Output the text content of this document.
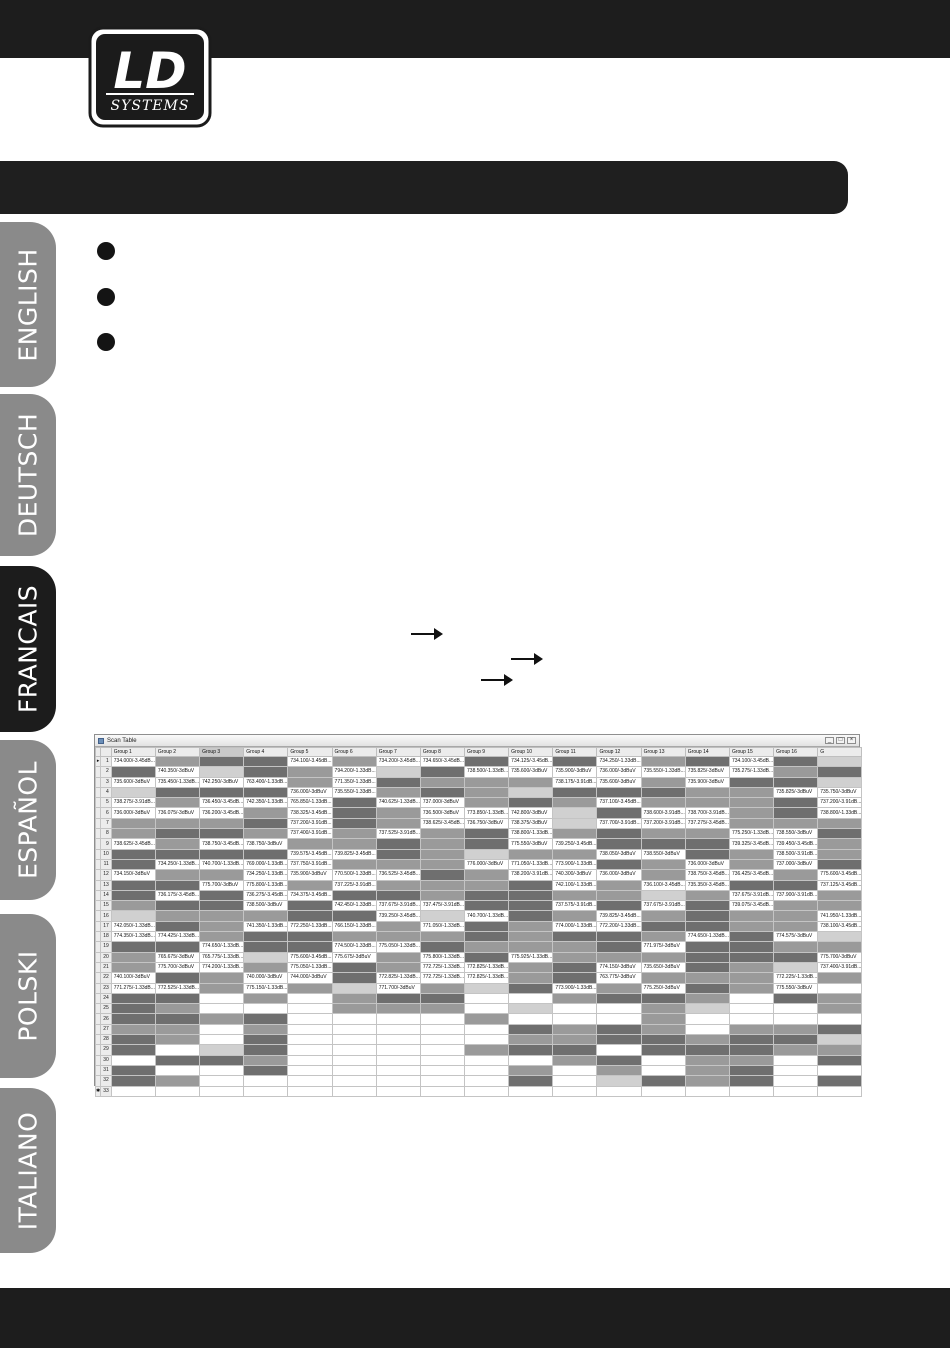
LD
SYSTEMS
ENGLISH
DEUTSCH
FRANCAIS
ESPAÑOL
POLSKI
ITALIANO
Scan Table	_	□	×
		Group 1	Group 2	Group 3	Group 4	Group 5	Group 6	Group 7	Group 8	Group 9	Group 10	Group 11	Group 12	Group 13	Group 14	Group 15	Group 16	G
▸	1	734.000/-3.45dB...				734.100/-3.45dB...		734.200/-3.45dB...	734.650/-3.45dB...		734.125/-3.45dB...		734.250/-1.33dB...			734.100/-3.45dB...		
	2		740.350/-3dBuV				794.200/-1.33dB...			738.500/-1.33dB...	735.600/-3dBuV	735.900/-3dBuV	736.000/-3dBuV	735.550/-1.33dB...	735.825/-3dBuV	735.275/-1.33dB...		
	3	735.600/-3dBuV	735.450/-1.33dB...	742.250/-3dBuV	763.400/-1.33dB...		771.350/-1.33dB...					738.175/-3.91dB...	735.600/-3dBuV		735.900/-3dBuV			
	4					736.000/-3dBuV	735.550/-1.33dB...										735.825/-3dBuV	735.750/-3dBuV
	5	738.275/-3.91dB...		736.450/-3.45dB...	742.350/-1.33dB...	765.850/-1.33dB...		740.625/-1.33dB...	737.000/-3dBuV				737.100/-3.45dB...					737.200/-3.91dB...
	6	736.000/-3dBuV	736.075/-3dBuV	736.200/-3.45dB...		738.325/-3.45dB...			736.500/-3dBuV	773.850/-1.33dB...	742.800/-3dBuV			738.600/-3.91dB...	738.700/-3.91dB...			738.800/-1.33dB...
	7					737.200/-3.91dB...			738.625/-3.45dB...	736.750/-3dBuV	738.375/-3dBuV		737.700/-3.91dB...	737.200/-3.91dB...	737.275/-3.45dB...			
	8					737.400/-3.91dB...		737.525/-3.91dB...			738.800/-1.33dB...					775.250/-1.33dB...	738.550/-3dBuV	
	9	738.625/-3.45dB...		738.750/-3.45dB...	738.750/-3dBuV						775.550/-3dBuV	739.250/-3.45dB...				739.325/-3.45dB...	739.450/-3.45dB...	
	10					739.575/-3.45dB...	739.825/-3.45dB...						738.050/-3dBuV	738.550/-3dBuV			738.500/-3.91dB...	
	11		734.250/-1.33dB...	740.700/-1.33dB...	769.000/-1.33dB...	737.750/-3.91dB...				776.000/-3dBuV	771.050/-1.33dB...	773.900/-1.33dB...			736.000/-3dBuV		737.000/-3dBuV	
	12	734.150/-3dBuV			734.250/-1.33dB...	735.900/-3dBuV	770.500/-1.33dB...	736.525/-3.45dB...			738.200/-3.91dB...	740.300/-3dBuV	736.000/-3dBuV		738.750/-3.45dB...	736.425/-3.45dB...		775.600/-3.45dB...
	13			775.700/-3dBuV	775.800/-1.33dB...		737.225/-3.91dB...					742.100/-1.33dB...		736.100/-3.45dB...	735.350/-3.45dB...			737.125/-3.45dB...
	14		736.175/-3.45dB...		736.275/-3.45dB...	734.375/-3.45dB...										737.675/-3.91dB...	737.900/-3.91dB...	
	15				738.500/-3dBuV		742.450/-1.33dB...	737.675/-3.91dB...	737.475/-3.91dB...			737.575/-3.91dB...		737.675/-3.91dB...		739.075/-3.45dB...		
	16							739.250/-3.45dB...		740.700/-1.33dB...			739.825/-3.45dB...					741.950/-1.33dB...
	17	742.050/-1.33dB...			741.350/-1.33dB...	772.250/-1.33dB...	766.150/-1.33dB...		771.050/-1.33dB...			774.000/-1.33dB...	772.200/-1.33dB...					738.100/-3.45dB...
	18	774.350/-1.33dB...	774.425/-1.33dB...												774.650/-1.33dB...		774.575/-3dBuV	
	19			774.650/-1.33dB...			774.500/-1.33dB...	775.050/-1.33dB...						771.975/-3dBuV				
	20		765.675/-3dBuV	765.775/-1.33dB...		775.600/-3.45dB...	775.675/-3dBuV		775.800/-1.33dB...		775.925/-1.33dB...							775.700/-3dBuV
	21		775.700/-3dBuV	774.200/-1.33dB...		775.050/-1.33dB...			772.725/-1.33dB...	772.825/-1.33dB...			774.150/-3dBuV	735.650/-3dBuV				737.400/-3.91dB...
	22	740.100/-3dBuV			740.000/-3dBuV	744.000/-3dBuV		772.825/-1.33dB...	772.725/-1.33dB...	772.825/-1.33dB...			763.775/-3dBuV				772.225/-1.33dB...	
	23	771.275/-1.33dB...	772.525/-1.33dB...		775.150/-1.33dB...			771.700/-3dBuV				773.900/-1.33dB...		775.250/-3dBuV			775.550/-3dBuV	
	24																	
	25																	
	26																	
	27																	
	28																	
	29																	
	30																	
	31																	
	32																	
✱	33																	
